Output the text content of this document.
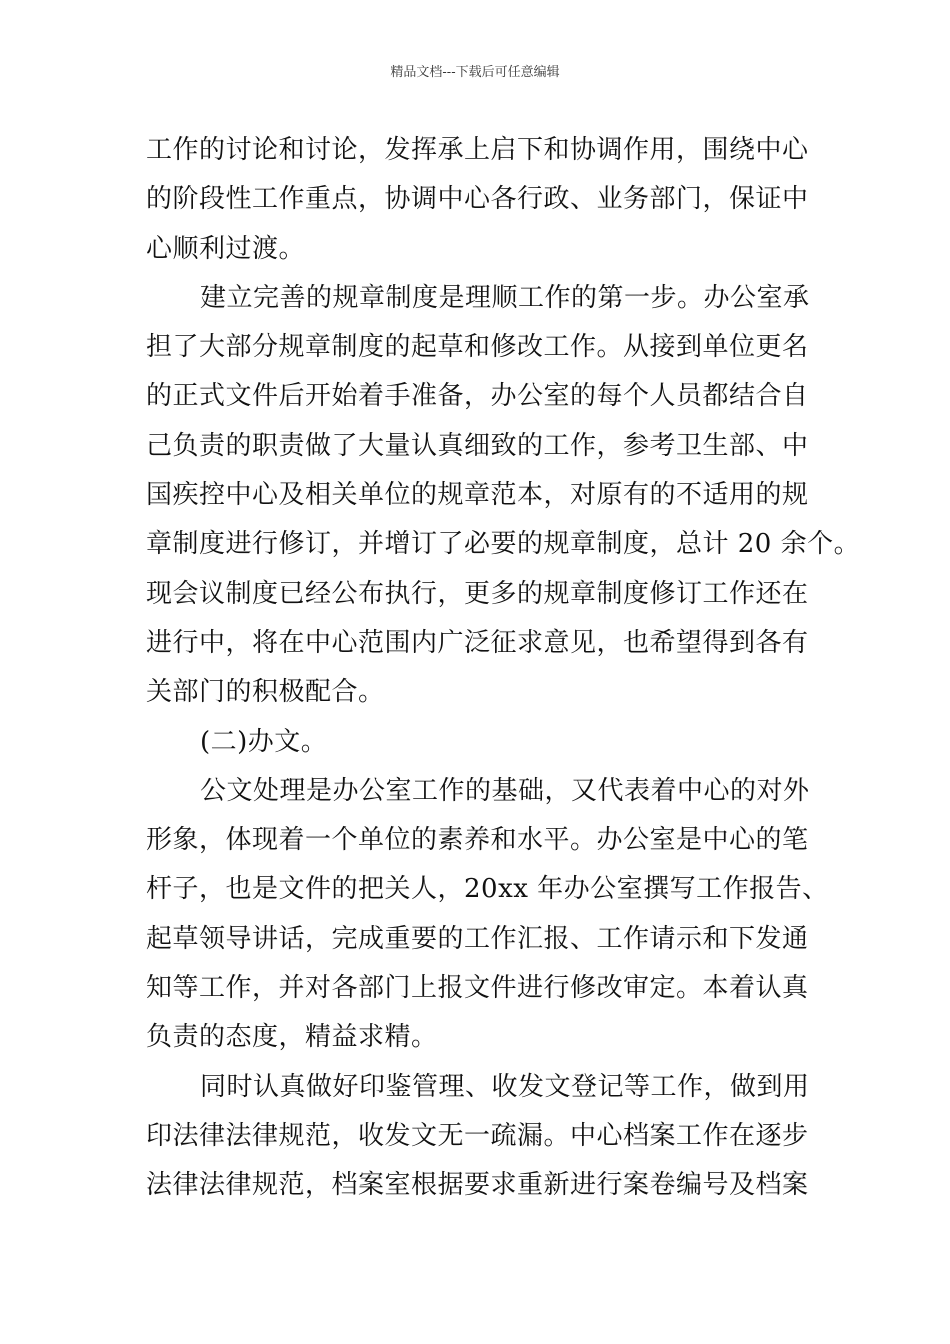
精品文档---下载后可任意编辑
工作的讨论和讨论，发挥承上启下和协调作用，围绕中心
的阶段性工作重点，协调中心各行政、业务部门，保证中
心顺利过渡。
建立完善的规章制度是理顺工作的第一步。办公室承
担了大部分规章制度的起草和修改工作。从接到单位更名
的正式文件后开始着手准备，办公室的每个人员都结合自
己负责的职责做了大量认真细致的工作，参考卫生部、中
国疾控中心及相关单位的规章范本，对原有的不适用的规
章制度进行修订，并增订了必要的规章制度，总计 20 余个。
现会议制度已经公布执行，更多的规章制度修订工作还在
进行中，将在中心范围内广泛征求意见，也希望得到各有
关部门的积极配合。
(二)办文。
公文处理是办公室工作的基础，又代表着中心的对外
形象，体现着一个单位的素养和水平。办公室是中心的笔
杆子，也是文件的把关人，20xx 年办公室撰写工作报告、
起草领导讲话，完成重要的工作汇报、工作请示和下发通
知等工作，并对各部门上报文件进行修改审定。本着认真
负责的态度，精益求精。
同时认真做好印鉴管理、收发文登记等工作，做到用
印法律法律规范，收发文无一疏漏。中心档案工作在逐步
法律法律规范，档案室根据要求重新进行案卷编号及档案
